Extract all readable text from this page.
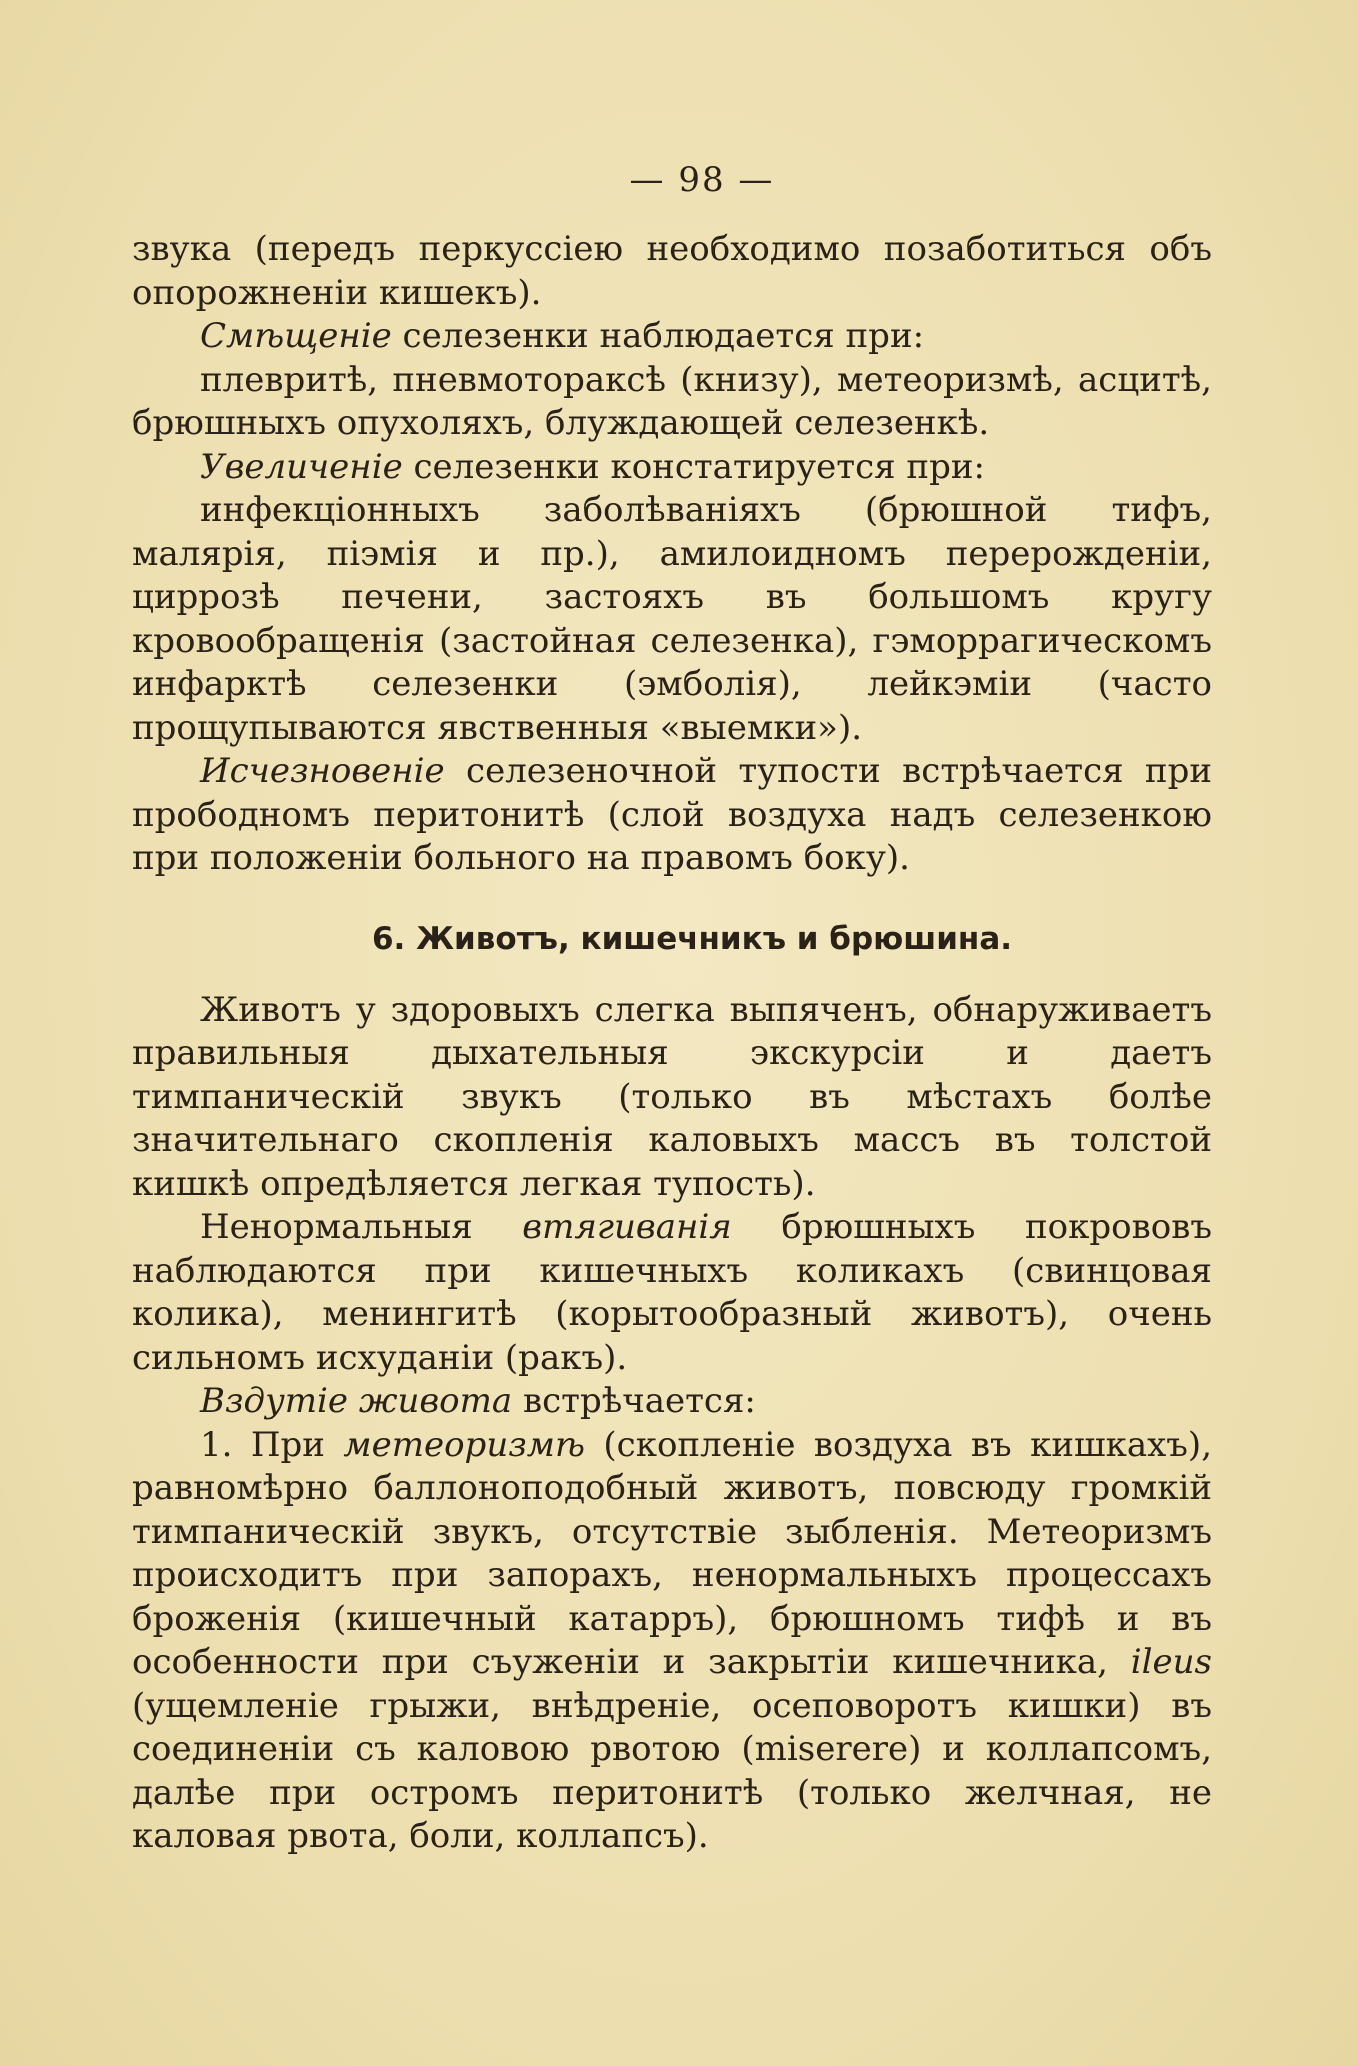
— 98 —

звука (передъ перкуссiею необходимо позаботиться объ опорожненiи кишекъ).

Смѣщенiе селезенки наблюдается при:

плевритѣ, пневмотораксѣ (книзу), метеоризмѣ, асцитѣ, брюшныхъ опухоляхъ, блуждающей селезенкѣ.

Увеличенiе селезенки констатируется при:

инфекцiонныхъ заболѣванiяхъ (брюшной тифъ, малярiя, пiэмiя и пр.), амилоидномъ перерожденiи, циррозѣ печени, застояхъ въ большомъ кругу кровообращенiя (застойная селезенка), гэморрагическомъ инфарктѣ селезенки (эмболiя), лейкэмiи (часто прощупываются явственныя «выемки»).

Исчезновенiе селезеночной тупости встрѣчается при прободномъ перитонитѣ (слой воздуха надъ селезенкою при положенiи больного на правомъ боку).

6. Животъ, кишечникъ и брюшина.

Животъ у здоровыхъ слегка выпяченъ, обнаруживаетъ правильныя дыхательныя экскурсiи и даетъ тимпаническiй звукъ (только въ мѣстахъ болѣе значительнаго скопленiя каловыхъ массъ въ толстой кишкѣ опредѣляется легкая тупость).

Ненормальныя втягиванiя брюшныхъ покрововъ наблюдаются при кишечныхъ коликахъ (свинцовая колика), менингитѣ (корытообразный животъ), очень сильномъ исхуданiи (ракъ).

Вздутiе живота встрѣчается:

1. При метеоризмѣ (скопленiе воздуха въ кишкахъ), равномѣрно баллоноподобный животъ, повсюду громкiй тимпаническiй звукъ, отсутствiе зыбленiя. Метеоризмъ происходитъ при запорахъ, ненормальныхъ процессахъ броженiя (кишечный катарръ), брюшномъ тифѣ и въ особенности при съуженiи и закрытiи кишечника, ileus (ущемленiе грыжи, внѣдренiе, осеповоротъ кишки) въ соединенiи съ каловою рвотою (miserere) и коллапсомъ, далѣе при остромъ перитонитѣ (только желчная, не каловая рвота, боли, коллапсъ).
